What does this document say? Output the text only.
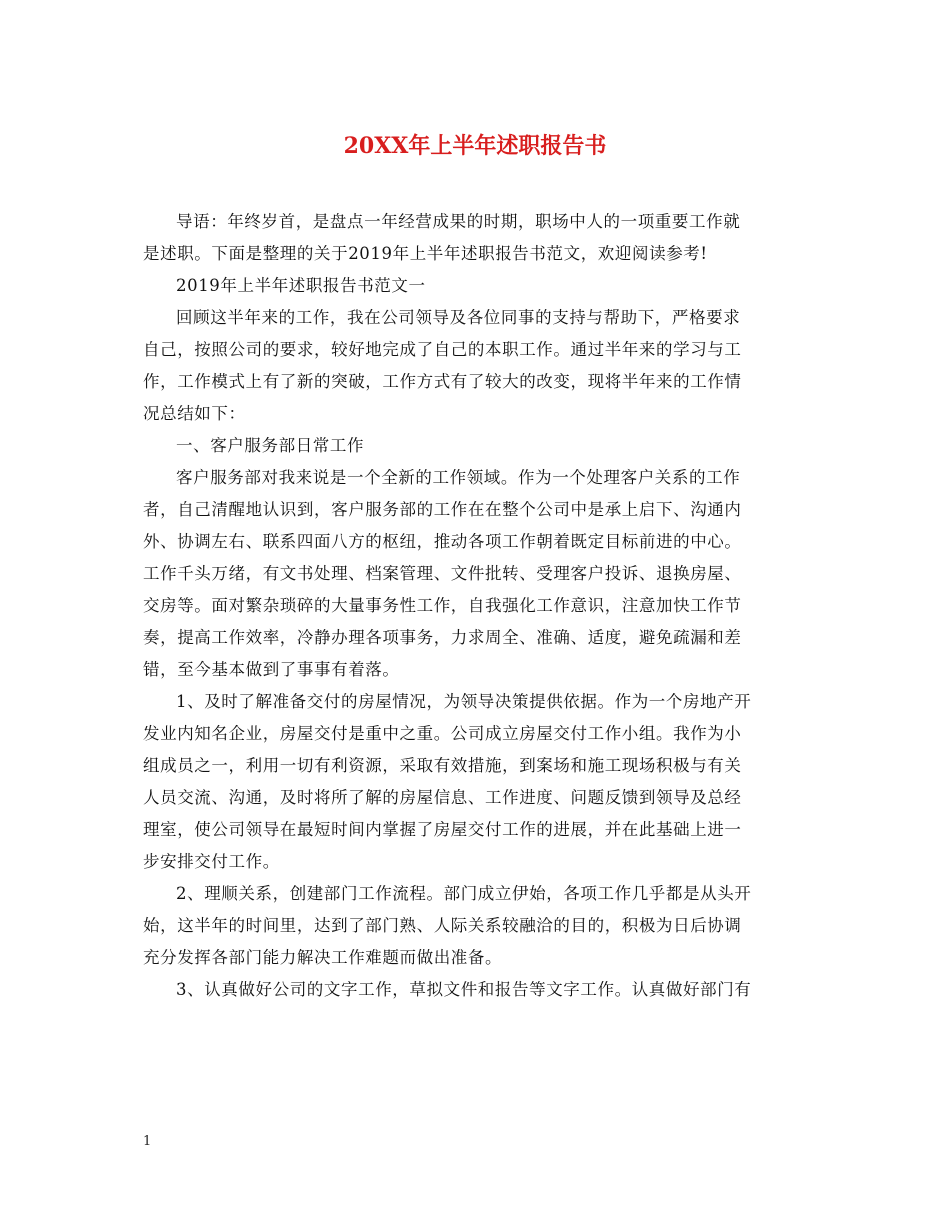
20XX年上半年述职报告书
导语：年终岁首，是盘点一年经营成果的时期，职场中人的一项重要工作就
是述职。下面是整理的关于2019年上半年述职报告书范文，欢迎阅读参考!
2019年上半年述职报告书范文一
回顾这半年来的工作，我在公司领导及各位同事的支持与帮助下，严格要求
自己，按照公司的要求，较好地完成了自己的本职工作。通过半年来的学习与工
作，工作模式上有了新的突破，工作方式有了较大的改变，现将半年来的工作情
况总结如下：
一、客户服务部日常工作
客户服务部对我来说是一个全新的工作领域。作为一个处理客户关系的工作
者，自己清醒地认识到，客户服务部的工作在在整个公司中是承上启下、沟通内
外、协调左右、联系四面八方的枢纽，推动各项工作朝着既定目标前进的中心。
工作千头万绪，有文书处理、档案管理、文件批转、受理客户投诉、退换房屋、
交房等。面对繁杂琐碎的大量事务性工作，自我强化工作意识，注意加快工作节
奏，提高工作效率，冷静办理各项事务，力求周全、准确、适度，避免疏漏和差
错，至今基本做到了事事有着落。
1、及时了解准备交付的房屋情况，为领导决策提供依据。作为一个房地产开
发业内知名企业，房屋交付是重中之重。公司成立房屋交付工作小组。我作为小
组成员之一，利用一切有利资源，采取有效措施，到案场和施工现场积极与有关
人员交流、沟通，及时将所了解的房屋信息、工作进度、问题反馈到领导及总经
理室，使公司领导在最短时间内掌握了房屋交付工作的进展，并在此基础上进一
步安排交付工作。
2、理顺关系，创建部门工作流程。部门成立伊始，各项工作几乎都是从头开
始，这半年的时间里，达到了部门熟、人际关系较融洽的目的，积极为日后协调
充分发挥各部门能力解决工作难题而做出准备。
3、认真做好公司的文字工作，草拟文件和报告等文字工作。认真做好部门有
1
